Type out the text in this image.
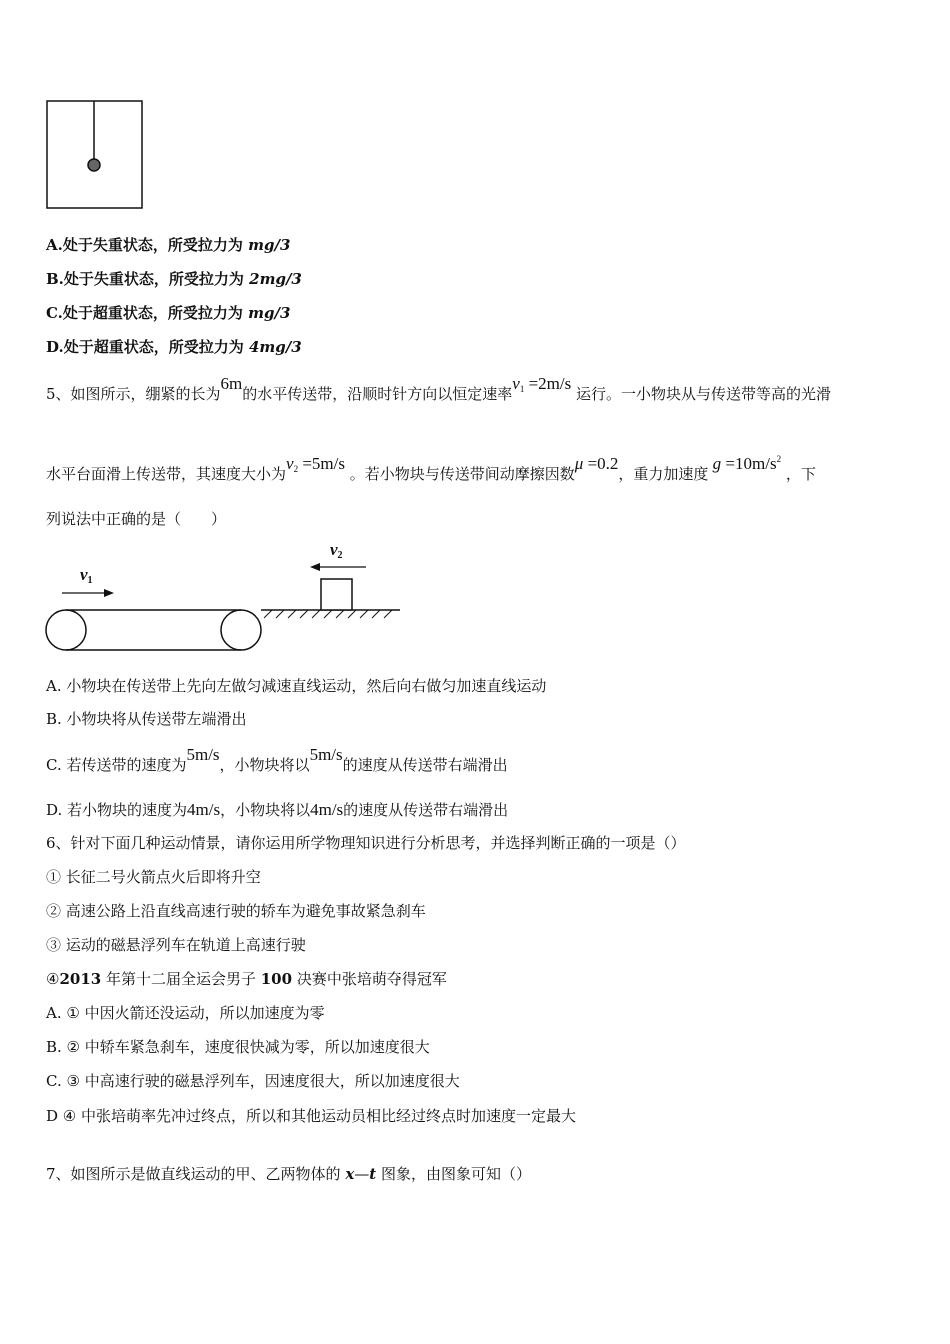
A.处于失重状态，所受拉力为 mg/3
B.处于失重状态，所受拉力为 2mg/3
C.处于超重状态，所受拉力为 mg/3
D.处于超重状态，所受拉力为 4mg/3
5、如图所示，绷紧的长为6m的水平传送带，沿顺时针方向以恒定速率$v_1 =2m/s$ 运行。一小物块从与传送带等高的光滑
水平台面滑上传送带，其速度大小为$v_2 =5m/s$ 。若小物块与传送带间动摩擦因数μ =0.2，重力加速度 $g =10m/s^2$ ，下
列说法中正确的是（　　）
v1
v2
A. 小物块在传送带上先向左做匀减速直线运动，然后向右做匀加速直线运动
B. 小物块将从传送带左端滑出
C. 若传送带的速度为5m/s，小物块将以5m/s的速度从传送带右端滑出
D. 若小物块的速度为4m/s，小物块将以4m/s的速度从传送带右端滑出
6、针对下面几种运动情景，请你运用所学物理知识进行分析思考，并选择判断正确的一项是（）
① 长征二号火箭点火后即将升空
② 高速公路上沿直线高速行驶的轿车为避免事故紧急刹车
③ 运动的磁悬浮列车在轨道上高速行驶
④2013 年第十二届全运会男子 100 决赛中张培萌夺得冠军
A. ① 中因火箭还没运动，所以加速度为零
B. ② 中轿车紧急刹车，速度很快减为零，所以加速度很大
C. ③ 中高速行驶的磁悬浮列车，因速度很大，所以加速度很大
D ④ 中张培萌率先冲过终点，所以和其他运动员相比经过终点时加速度一定最大
7、如图所示是做直线运动的甲、乙两物体的 x—t 图象，由图象可知（）
